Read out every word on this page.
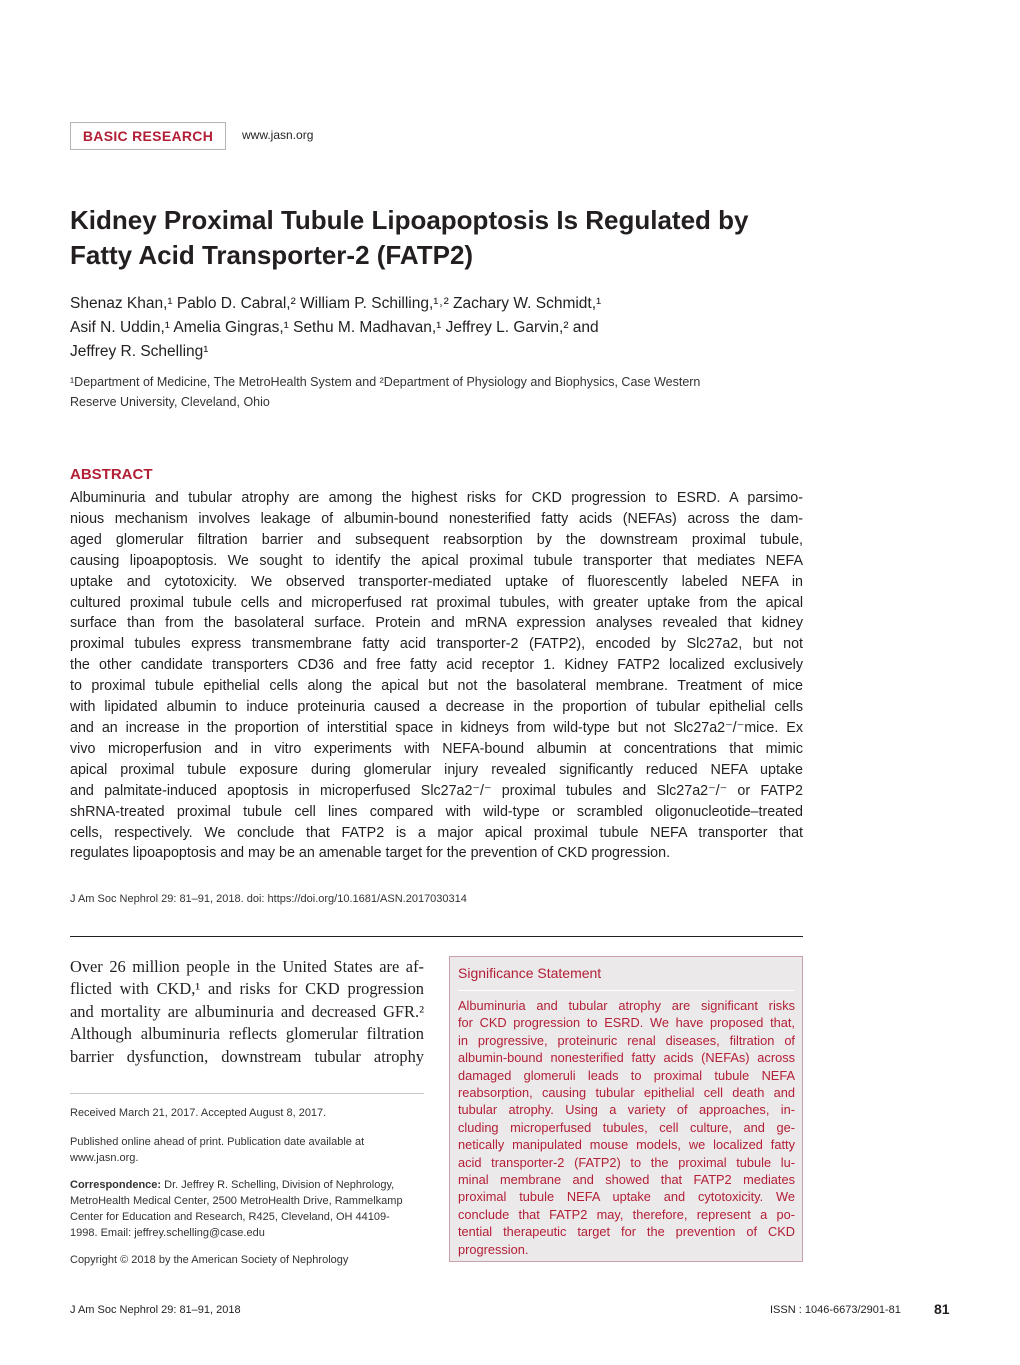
BASIC RESEARCH	www.jasn.org
Kidney Proximal Tubule Lipoapoptosis Is Regulated by
Fatty Acid Transporter-2 (FATP2)
Shenaz Khan,¹ Pablo D. Cabral,² William P. Schilling,¹˒² Zachary W. Schmidt,¹
Asif N. Uddin,¹ Amelia Gingras,¹ Sethu M. Madhavan,¹ Jeffrey L. Garvin,² and
Jeffrey R. Schelling¹
¹Department of Medicine, The MetroHealth System and ²Department of Physiology and Biophysics, Case Western
Reserve University, Cleveland, Ohio
ABSTRACT
Albuminuria and tubular atrophy are among the highest risks for CKD progression to ESRD. A parsimo-
nious mechanism involves leakage of albumin-bound nonesterified fatty acids (NEFAs) across the dam-
aged glomerular filtration barrier and subsequent reabsorption by the downstream proximal tubule,
causing lipoapoptosis. We sought to identify the apical proximal tubule transporter that mediates NEFA
uptake and cytotoxicity. We observed transporter-mediated uptake of fluorescently labeled NEFA in
cultured proximal tubule cells and microperfused rat proximal tubules, with greater uptake from the apical
surface than from the basolateral surface. Protein and mRNA expression analyses revealed that kidney
proximal tubules express transmembrane fatty acid transporter-2 (FATP2), encoded by Slc27a2, but not
the other candidate transporters CD36 and free fatty acid receptor 1. Kidney FATP2 localized exclusively
to proximal tubule epithelial cells along the apical but not the basolateral membrane. Treatment of mice
with lipidated albumin to induce proteinuria caused a decrease in the proportion of tubular epithelial cells
and an increase in the proportion of interstitial space in kidneys from wild-type but not Slc27a2⁻/⁻mice. Ex
vivo microperfusion and in vitro experiments with NEFA-bound albumin at concentrations that mimic
apical proximal tubule exposure during glomerular injury revealed significantly reduced NEFA uptake
and palmitate-induced apoptosis in microperfused Slc27a2⁻/⁻ proximal tubules and Slc27a2⁻/⁻ or FATP2
shRNA-treated proximal tubule cell lines compared with wild-type or scrambled oligonucleotide–treated
cells, respectively. We conclude that FATP2 is a major apical proximal tubule NEFA transporter that
regulates lipoapoptosis and may be an amenable target for the prevention of CKD progression.
J Am Soc Nephrol 29: 81–91, 2018. doi: https://doi.org/10.1681/ASN.2017030314
Over 26 million people in the United States are af-
flicted with CKD,¹ and risks for CKD progression
and mortality are albuminuria and decreased GFR.²
Although albuminuria reflects glomerular filtration
barrier dysfunction, downstream tubular atrophy
Received March 21, 2017. Accepted August 8, 2017.
Published online ahead of print. Publication date available at
www.jasn.org.
Correspondence: Dr. Jeffrey R. Schelling, Division of Nephrology,
MetroHealth Medical Center, 2500 MetroHealth Drive, Rammelkamp
Center for Education and Research, R425, Cleveland, OH 44109-
1998. Email: jeffrey.schelling@case.edu
Copyright © 2018 by the American Society of Nephrology
Significance Statement
Albuminuria and tubular atrophy are significant risks
for CKD progression to ESRD. We have proposed that,
in progressive, proteinuric renal diseases, filtration of
albumin-bound nonesterified fatty acids (NEFAs) across
damaged glomeruli leads to proximal tubule NEFA
reabsorption, causing tubular epithelial cell death and
tubular atrophy. Using a variety of approaches, in-
cluding microperfused tubules, cell culture, and ge-
netically manipulated mouse models, we localized fatty
acid transporter-2 (FATP2) to the proximal tubule lu-
minal membrane and showed that FATP2 mediates
proximal tubule NEFA uptake and cytotoxicity. We
conclude that FATP2 may, therefore, represent a po-
tential therapeutic target for the prevention of CKD
progression.
J Am Soc Nephrol 29: 81–91, 2018	ISSN : 1046-6673/2901-81 81
